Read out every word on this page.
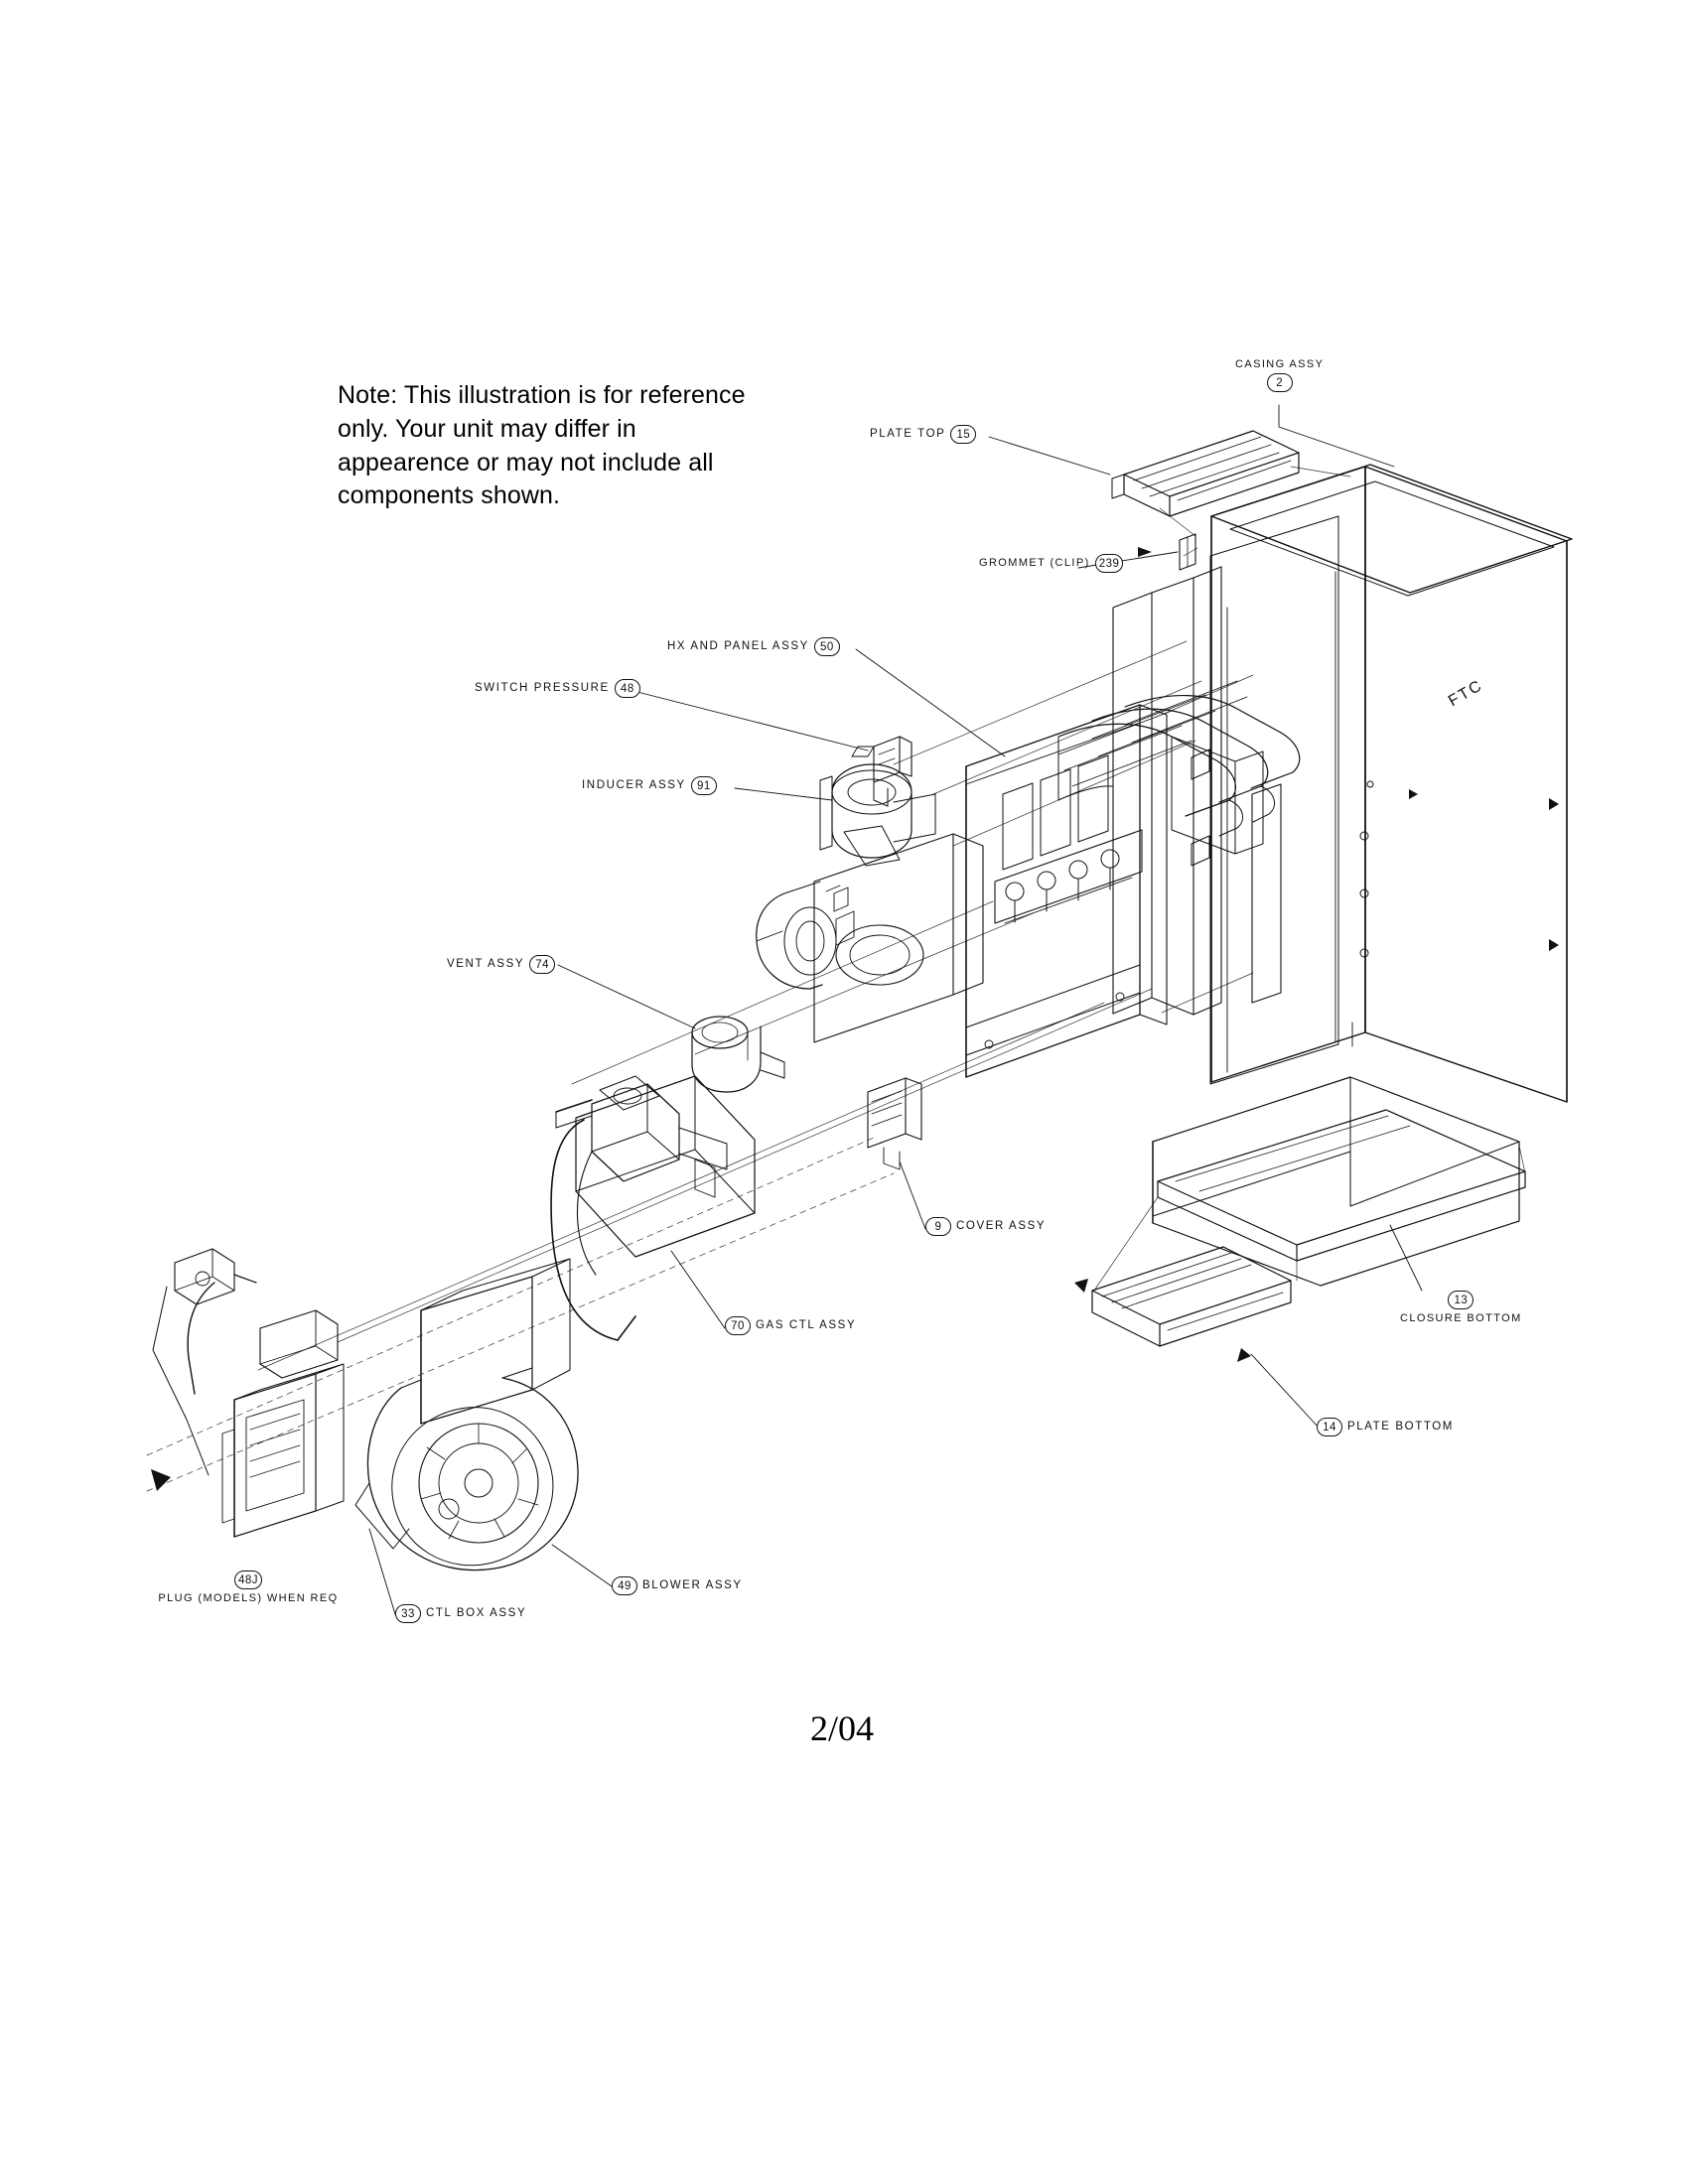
FTC
Note: This illustration is for reference only. Your unit may differ in appearence or may not include all components shown.
CASING ASSY
2
PLATE TOP 15
GROMMET (CLIP) 239
HX AND PANEL ASSY 50
SWITCH PRESSURE 48
INDUCER ASSY 91
VENT ASSY 74
9	COVER ASSY
70 GAS CTL ASSY
13
CLOSURE BOTTOM
14 PLATE BOTTOM
49 BLOWER ASSY
33 CTL BOX ASSY
48J
PLUG (MODELS) WHEN REQ
2/04
